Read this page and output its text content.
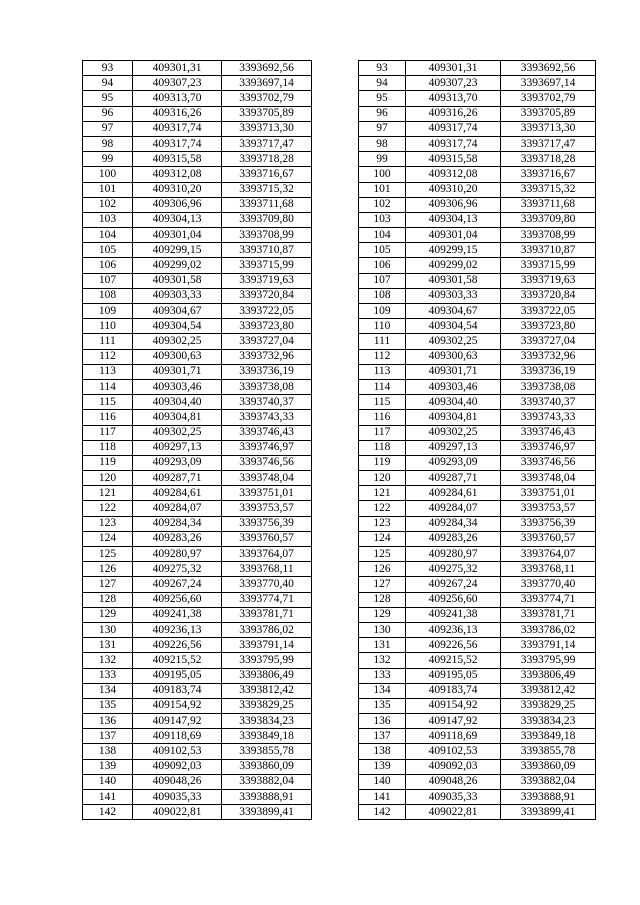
93	409301,31	3393692,56		93	409301,31	3393692,56
94	409307,23	3393697,14		94	409307,23	3393697,14
95	409313,70	3393702,79		95	409313,70	3393702,79
96	409316,26	3393705,89		96	409316,26	3393705,89
97	409317,74	3393713,30		97	409317,74	3393713,30
98	409317,74	3393717,47		98	409317,74	3393717,47
99	409315,58	3393718,28		99	409315,58	3393718,28
100	409312,08	3393716,67		100	409312,08	3393716,67
101	409310,20	3393715,32		101	409310,20	3393715,32
102	409306,96	3393711,68		102	409306,96	3393711,68
103	409304,13	3393709,80		103	409304,13	3393709,80
104	409301,04	3393708,99		104	409301,04	3393708,99
105	409299,15	3393710,87		105	409299,15	3393710,87
106	409299,02	3393715,99		106	409299,02	3393715,99
107	409301,58	3393719,63		107	409301,58	3393719,63
108	409303,33	3393720,84		108	409303,33	3393720,84
109	409304,67	3393722,05		109	409304,67	3393722,05
110	409304,54	3393723,80		110	409304,54	3393723,80
111	409302,25	3393727,04		111	409302,25	3393727,04
112	409300,63	3393732,96		112	409300,63	3393732,96
113	409301,71	3393736,19		113	409301,71	3393736,19
114	409303,46	3393738,08		114	409303,46	3393738,08
115	409304,40	3393740,37		115	409304,40	3393740,37
116	409304,81	3393743,33		116	409304,81	3393743,33
117	409302,25	3393746,43		117	409302,25	3393746,43
118	409297,13	3393746,97		118	409297,13	3393746,97
119	409293,09	3393746,56		119	409293,09	3393746,56
120	409287,71	3393748,04		120	409287,71	3393748,04
121	409284,61	3393751,01		121	409284,61	3393751,01
122	409284,07	3393753,57		122	409284,07	3393753,57
123	409284,34	3393756,39		123	409284,34	3393756,39
124	409283,26	3393760,57		124	409283,26	3393760,57
125	409280,97	3393764,07		125	409280,97	3393764,07
126	409275,32	3393768,11		126	409275,32	3393768,11
127	409267,24	3393770,40		127	409267,24	3393770,40
128	409256,60	3393774,71		128	409256,60	3393774,71
129	409241,38	3393781,71		129	409241,38	3393781,71
130	409236,13	3393786,02		130	409236,13	3393786,02
131	409226,56	3393791,14		131	409226,56	3393791,14
132	409215,52	3393795,99		132	409215,52	3393795,99
133	409195,05	3393806,49		133	409195,05	3393806,49
134	409183,74	3393812,42		134	409183,74	3393812,42
135	409154,92	3393829,25		135	409154,92	3393829,25
136	409147,92	3393834,23		136	409147,92	3393834,23
137	409118,69	3393849,18		137	409118,69	3393849,18
138	409102,53	3393855,78		138	409102,53	3393855,78
139	409092,03	3393860,09		139	409092,03	3393860,09
140	409048,26	3393882,04		140	409048,26	3393882,04
141	409035,33	3393888,91		141	409035,33	3393888,91
142	409022,81	3393899,41		142	409022,81	3393899,41
